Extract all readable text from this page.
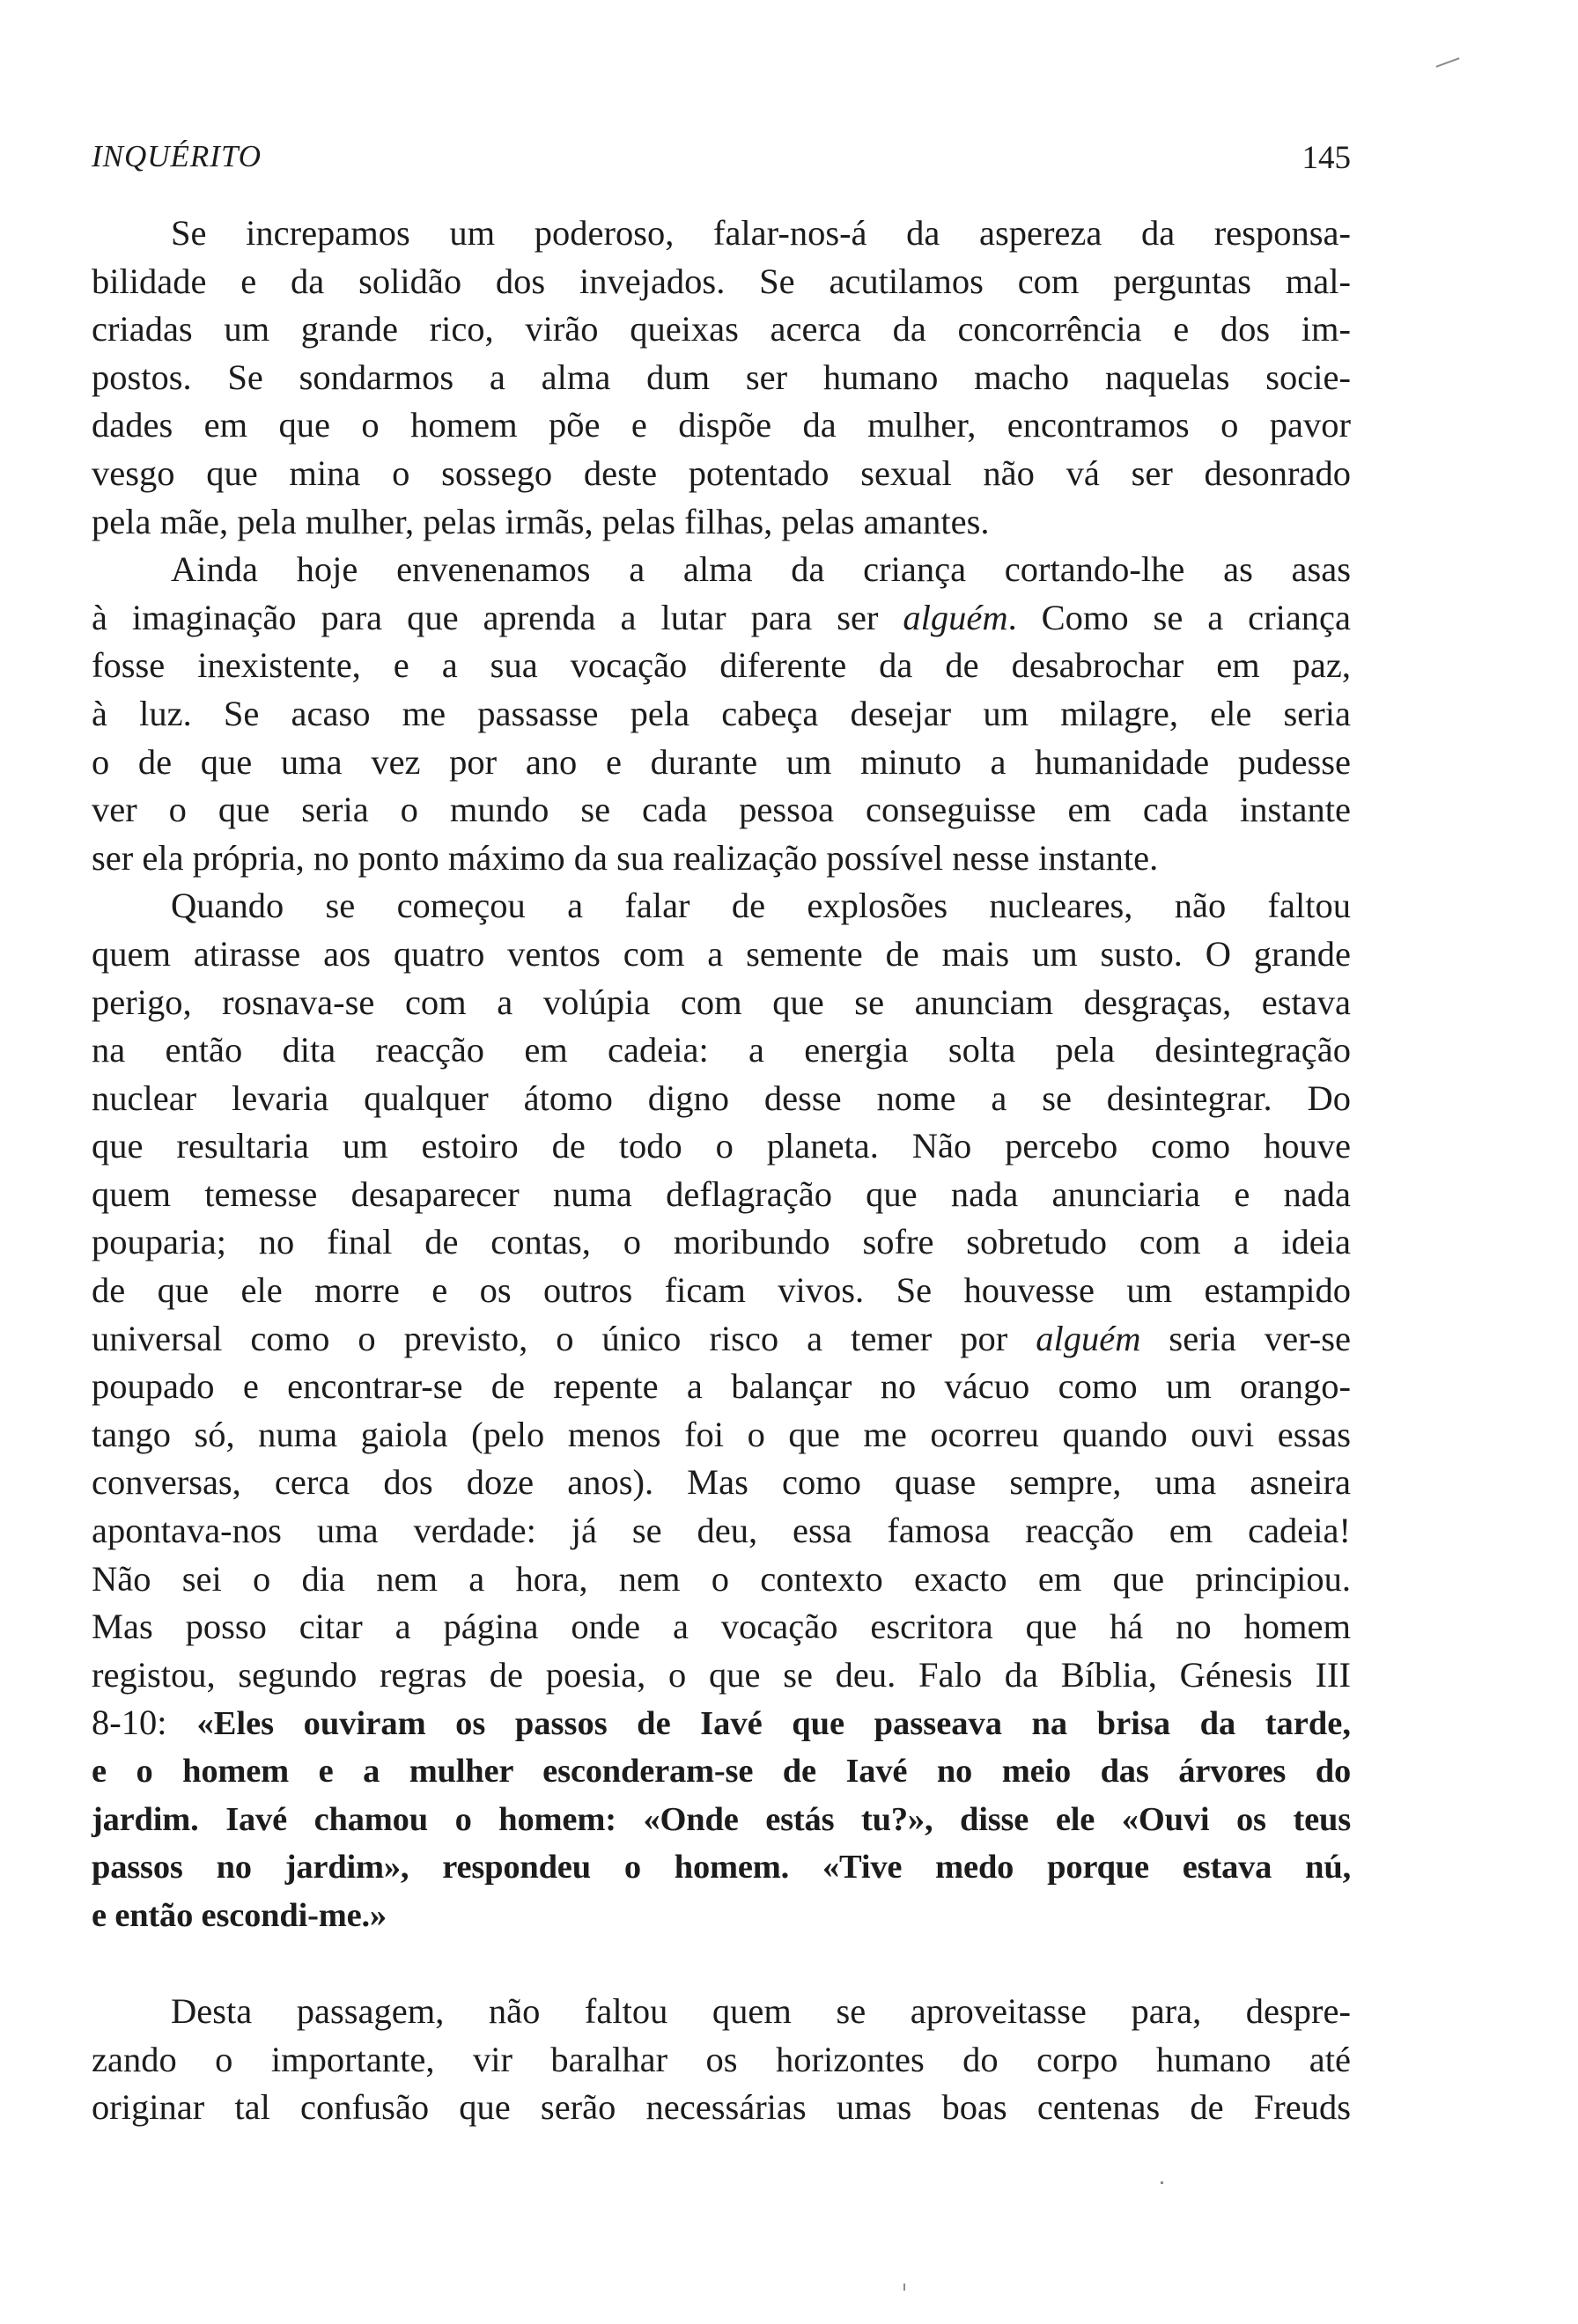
INQUÉRITO	145
Se increpamos um poderoso, falar-nos-á da aspereza da responsa-
bilidade e da solidão dos invejados. Se acutilamos com perguntas mal-
criadas um grande rico, virão queixas acerca da concorrência e dos im-
postos. Se sondarmos a alma dum ser humano macho naquelas socie-
dades em que o homem põe e dispõe da mulher, encontramos o pavor
vesgo que mina o sossego deste potentado sexual não vá ser desonrado
pela mãe, pela mulher, pelas irmãs, pelas filhas, pelas amantes.
Ainda hoje envenenamos a alma da criança cortando-lhe as asas
à imaginação para que aprenda a lutar para ser alguém. Como se a criança
fosse inexistente, e a sua vocação diferente da de desabrochar em paz,
à luz. Se acaso me passasse pela cabeça desejar um milagre, ele seria
o de que uma vez por ano e durante um minuto a humanidade pudesse
ver o que seria o mundo se cada pessoa conseguisse em cada instante
ser ela própria, no ponto máximo da sua realização possível nesse instante.
Quando se começou a falar de explosões nucleares, não faltou
quem atirasse aos quatro ventos com a semente de mais um susto. O grande
perigo, rosnava-se com a volúpia com que se anunciam desgraças, estava
na então dita reacção em cadeia: a energia solta pela desintegração
nuclear levaria qualquer átomo digno desse nome a se desintegrar. Do
que resultaria um estoiro de todo o planeta. Não percebo como houve
quem temesse desaparecer numa deflagração que nada anunciaria e nada
pouparia; no final de contas, o moribundo sofre sobretudo com a ideia
de que ele morre e os outros ficam vivos. Se houvesse um estampido
universal como o previsto, o único risco a temer por alguém seria ver-se
poupado e encontrar-se de repente a balançar no vácuo como um orango-
tango só, numa gaiola (pelo menos foi o que me ocorreu quando ouvi essas
conversas, cerca dos doze anos). Mas como quase sempre, uma asneira
apontava-nos uma verdade: já se deu, essa famosa reacção em cadeia!
Não sei o dia nem a hora, nem o contexto exacto em que principiou.
Mas posso citar a página onde a vocação escritora que há no homem
registou, segundo regras de poesia, o que se deu. Falo da Bíblia, Génesis III
8-10: «Eles ouviram os passos de Iavé que passeava na brisa da tarde,
e o homem e a mulher esconderam-se de Iavé no meio das árvores do
jardim. Iavé chamou o homem: «Onde estás tu?», disse ele «Ouvi os teus
passos no jardim», respondeu o homem. «Tive medo porque estava nú,
e então escondi-me.»
Desta passagem, não faltou quem se aproveitasse para, despre-
zando o importante, vir baralhar os horizontes do corpo humano até
originar tal confusão que serão necessárias umas boas centenas de Freuds
